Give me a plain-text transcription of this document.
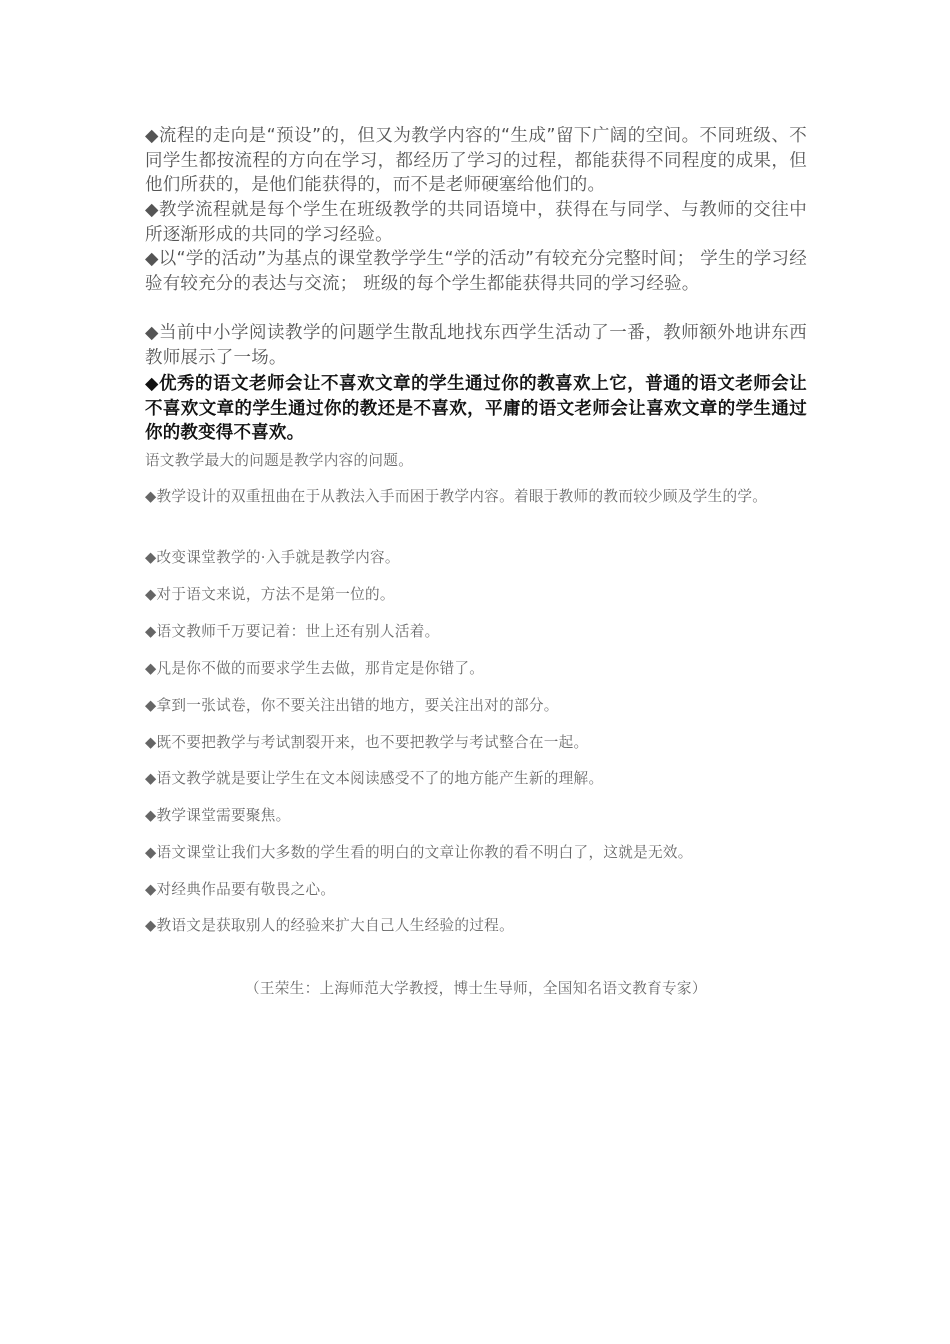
◆流程的走向是“预设”的，但又为教学内容的“生成”留下广阔的空间。不同班级、不同学生都按流程的方向在学习，都经历了学习的过程，都能获得不同程度的成果，但他们所获的，是他们能获得的，而不是老师硬塞给他们的。
◆教学流程就是每个学生在班级教学的共同语境中，获得在与同学、与教师的交往中所逐渐形成的共同的学习经验。
◆以“学的活动”为基点的课堂教学学生“学的活动”有较充分完整时间； 学生的学习经验有较充分的表达与交流； 班级的每个学生都能获得共同的学习经验。
◆当前中小学阅读教学的问题学生散乱地找东西学生活动了一番，教师额外地讲东西教师展示了一场。
◆优秀的语文老师会让不喜欢文章的学生通过你的教喜欢上它，普通的语文老师会让不喜欢文章的学生通过你的教还是不喜欢，平庸的语文老师会让喜欢文章的学生通过你的教变得不喜欢。
语文教学最大的问题是教学内容的问题。
◆教学设计的双重扭曲在于从教法入手而困于教学内容。着眼于教师的教而较少顾及学生的学。
◆改变课堂教学的·入手就是教学内容。
◆对于语文来说，方法不是第一位的。
◆语文教师千万要记着：世上还有别人活着。
◆凡是你不做的而要求学生去做，那肯定是你错了。
◆拿到一张试卷，你不要关注出错的地方，要关注出对的部分。
◆既不要把教学与考试割裂开来，也不要把教学与考试整合在一起。
◆语文教学就是要让学生在文本阅读感受不了的地方能产生新的理解。
◆教学课堂需要聚焦。
◆语文课堂让我们大多数的学生看的明白的文章让你教的看不明白了，这就是无效。
◆对经典作品要有敬畏之心。
◆教语文是获取别人的经验来扩大自己人生经验的过程。
（王荣生：上海师范大学教授，博士生导师，全国知名语文教育专家）
